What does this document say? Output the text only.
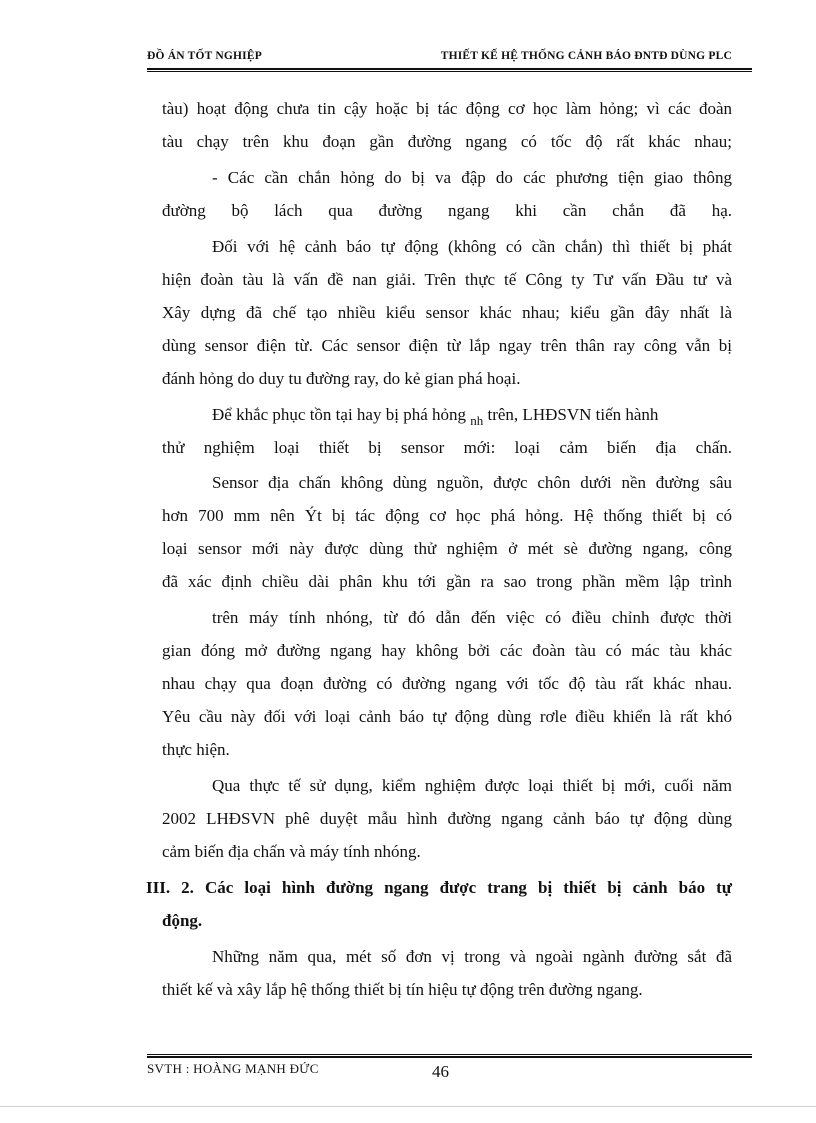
ĐỒ ÁN TỐT NGHIỆP	THIẾT KẾ HỆ THỐNG CẢNH BÁO ĐNTĐ DÙNG PLC
tàu) hoạt động chưa tin cậy hoặc bị tác động cơ học làm hỏng; vì các đoàn
tàu chạy trên khu đoạn gần đường ngang có tốc độ rất khác nhau;
- Các cần chắn hỏng do bị va đập do các phương tiện giao thông
đường bộ lách qua đường ngang khi cần chắn đã hạ.
Đối với hệ cảnh báo tự động (không có cần chắn) thì thiết bị phát
hiện đoàn tàu là vấn đề nan giải. Trên thực tế Công ty Tư vấn Đầu tư và
Xây dựng đã chế tạo nhiều kiểu sensor khác nhau; kiểu gần đây nhất là
dùng sensor điện từ. Các sensor điện từ lắp ngay trên thân ray công vẫn bị
đánh hỏng do duy tu đường ray, do kẻ gian phá hoại.
Để khắc phục tồn tại hay bị phá hỏng $_{nh}$ trên, LHĐSVN tiến hành
thử nghiệm loại thiết bị sensor mới: loại cảm biến địa chấn.
Sensor địa chấn không dùng nguồn, được chôn dưới nền đường sâu
hơn 700 mm nên Ýt bị tác động cơ học phá hỏng. Hệ thống thiết bị có
loại sensor mới này được dùng thử nghiệm ở mét sè đường ngang, công
đã xác định chiều dài phân khu tới gần ra sao trong phần mềm lập trình
trên máy tính nhóng, từ đó dẫn đến việc có điều chỉnh được thời
gian đóng mở đường ngang hay không bởi các đoàn tàu có mác tàu khác
nhau chạy qua đoạn đường có đường ngang với tốc độ tàu rất khác nhau.
Yêu cầu này đối với loại cảnh báo tự động dùng rơle điều khiển là rất khó
thực hiện.
Qua thực tế sử dụng, kiểm nghiệm được loại thiết bị mới, cuối năm
2002 LHĐSVN phê duyệt mẫu hình đường ngang cảnh báo tự động dùng
cảm biến địa chấn và máy tính nhóng.
III. 2. Các loại hình đường ngang được trang bị thiết bị cảnh báo tự
động.
Những năm qua, mét số đơn vị trong và ngoài ngành đường sắt đã
thiết kế và xây lắp hệ thống thiết bị tín hiệu tự động trên đường ngang.
SVTH : HOÀNG MẠNH ĐỨC	46
